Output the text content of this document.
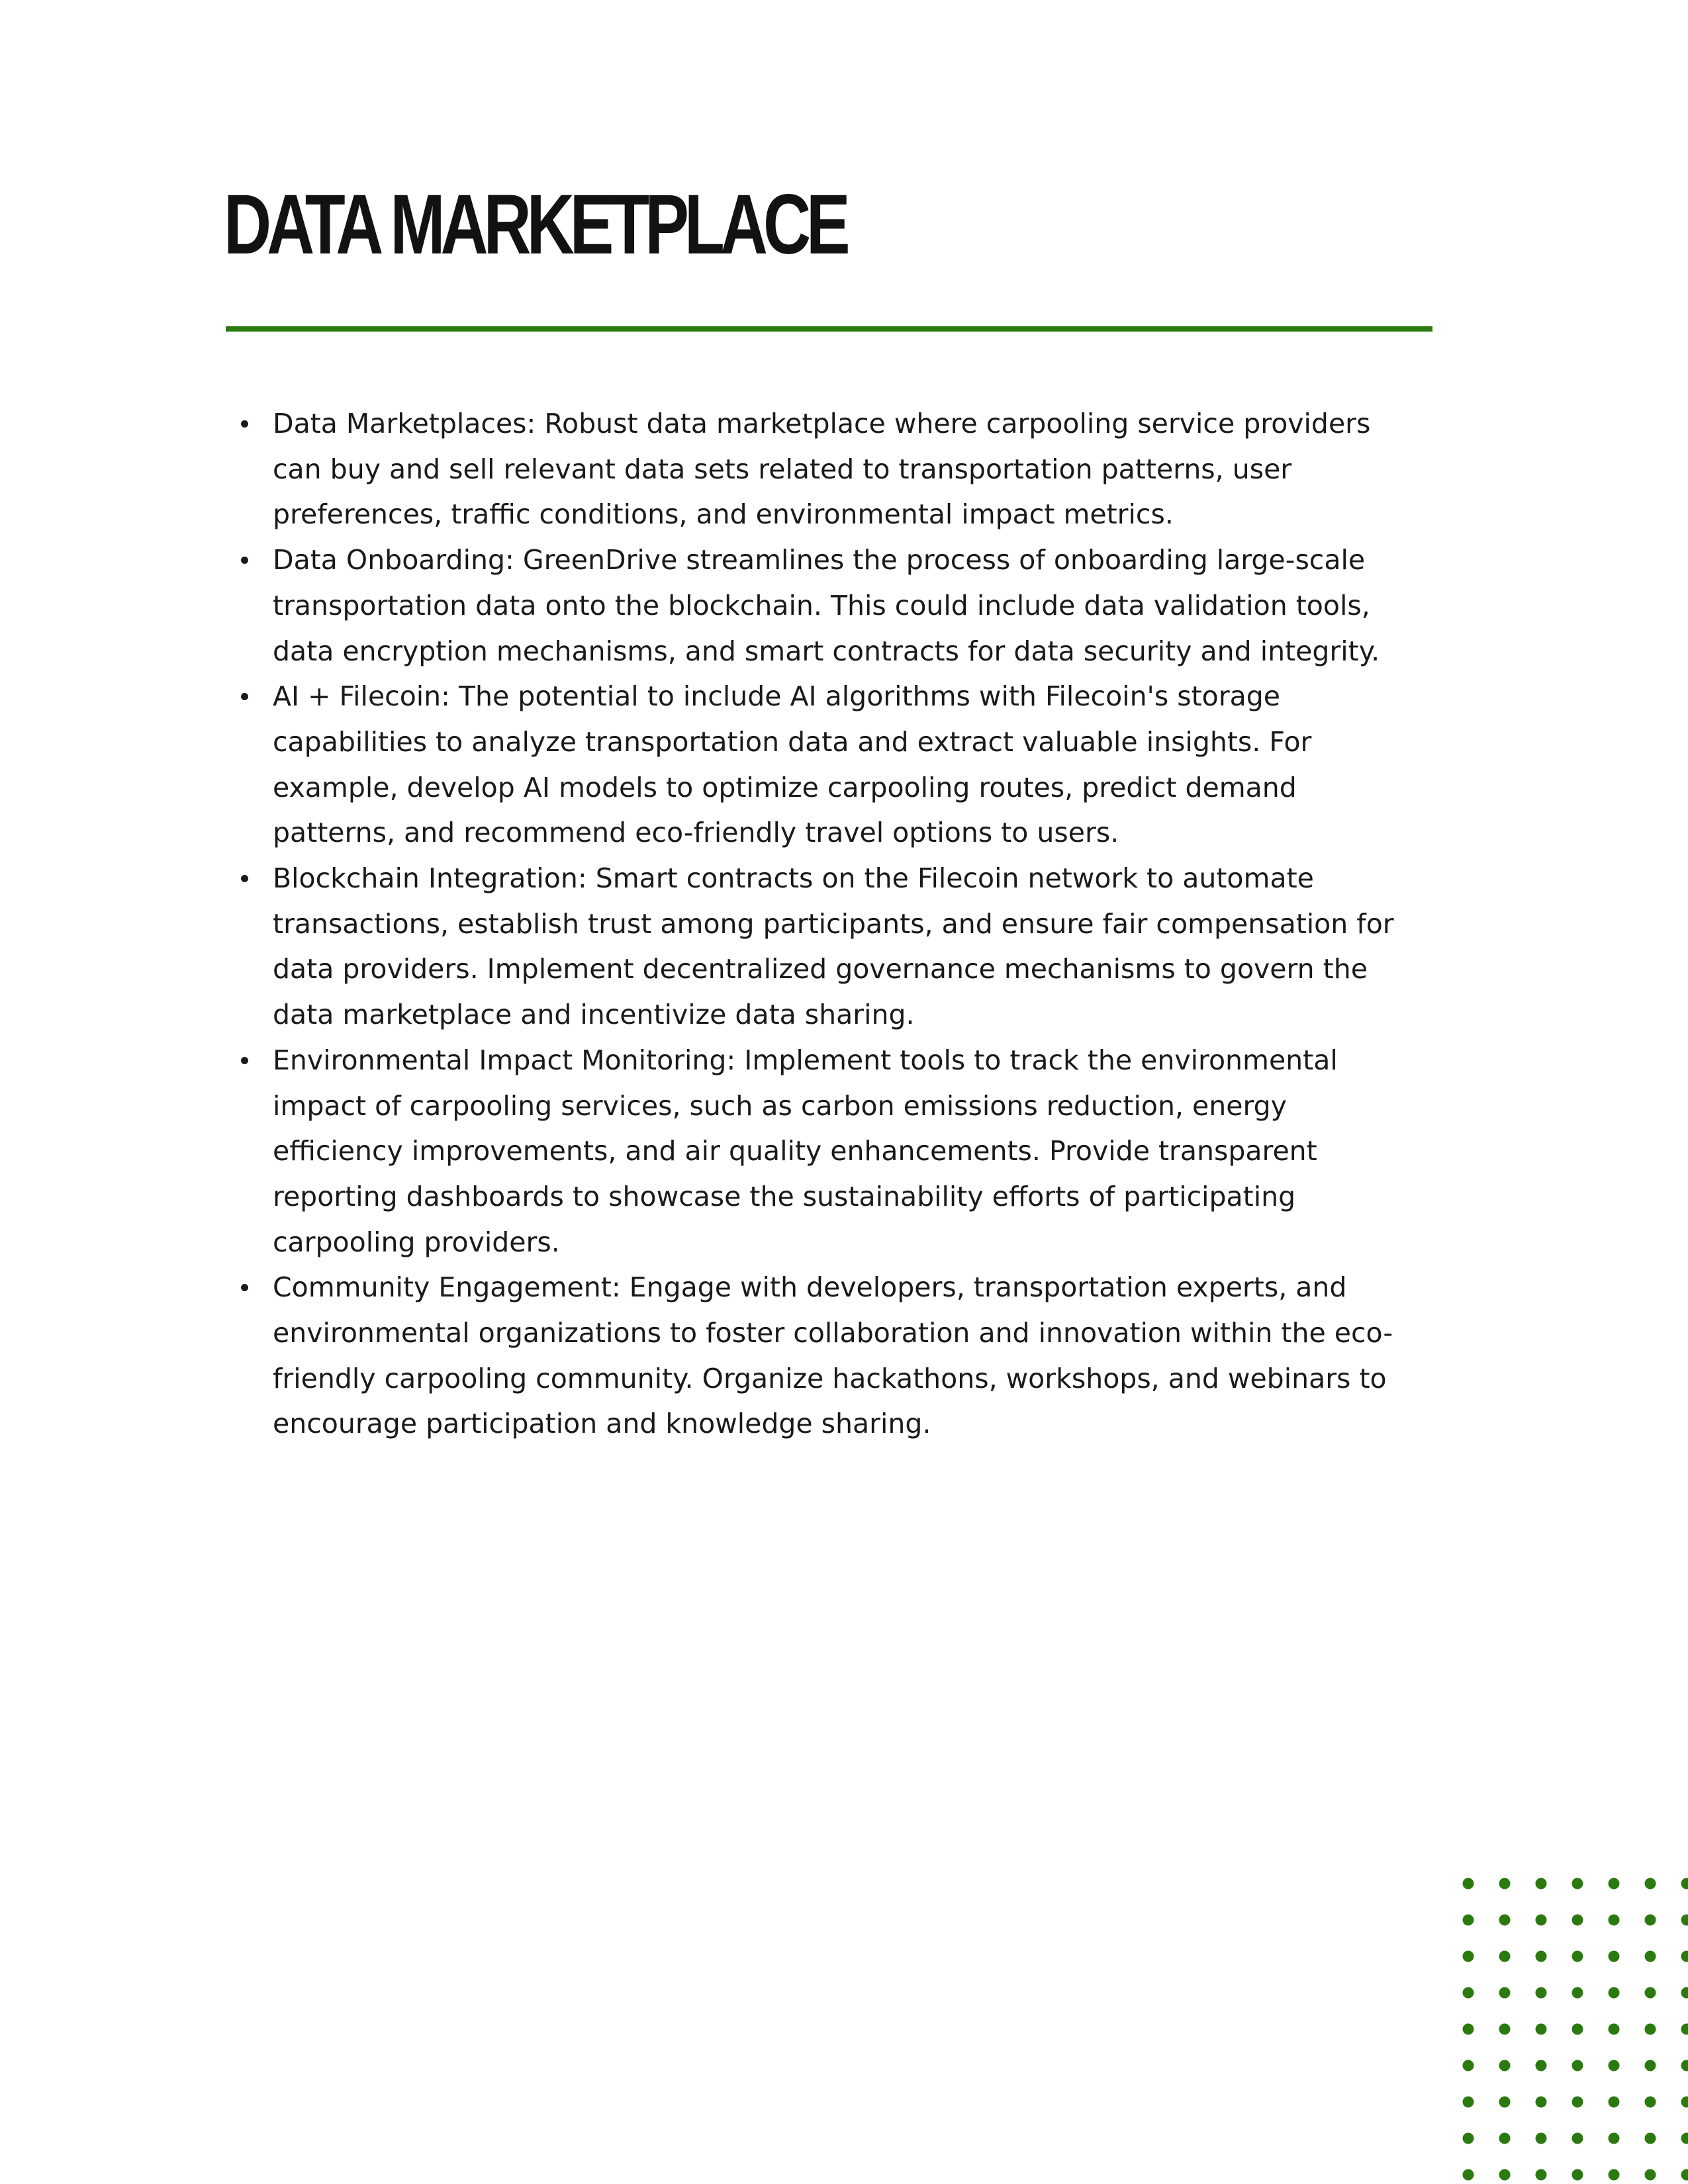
DATA MARKETPLACE
Data Marketplaces: Robust data marketplace where carpooling service providers can buy and sell relevant data sets related to transportation patterns, user preferences, traffic conditions, and environmental impact metrics.
Data Onboarding: GreenDrive streamlines the process of onboarding large-scale transportation data onto the blockchain. This could include data validation tools, data encryption mechanisms, and smart contracts for data security and integrity.
AI + Filecoin: The potential to include AI algorithms with Filecoin's storage capabilities to analyze transportation data and extract valuable insights. For example, develop AI models to optimize carpooling routes, predict demand patterns, and recommend eco-friendly travel options to users.
Blockchain Integration: Smart contracts on the Filecoin network to automate transactions, establish trust among participants, and ensure fair compensation for data providers. Implement decentralized governance mechanisms to govern the data marketplace and incentivize data sharing.
Environmental Impact Monitoring: Implement tools to track the environmental impact of carpooling services, such as carbon emissions reduction, energy efficiency improvements, and air quality enhancements. Provide transparent reporting dashboards to showcase the sustainability efforts of participating carpooling providers.
Community Engagement: Engage with developers, transportation experts, and environmental organizations to foster collaboration and innovation within the eco-friendly carpooling community. Organize hackathons, workshops, and webinars to encourage participation and knowledge sharing.
